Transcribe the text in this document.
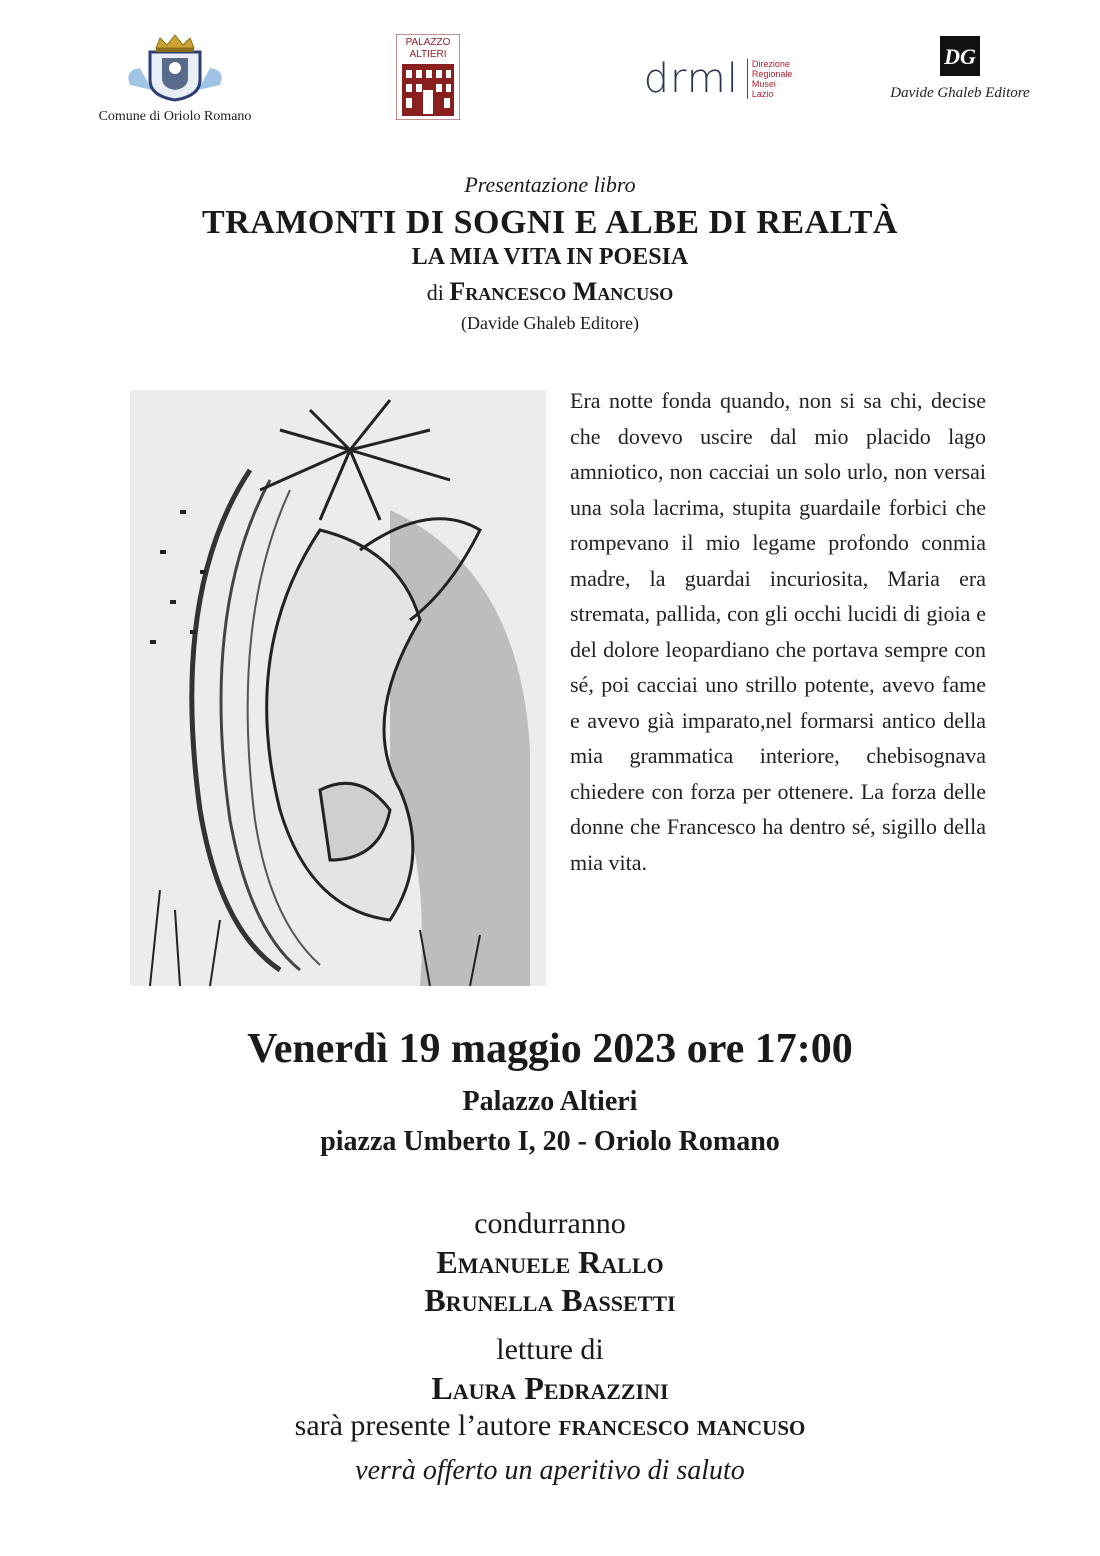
Comune di Oriolo Romano
PALAZZO
ALTIERI
drml Direzione
Regionale
Musei
Lazio
DG
Davide Ghaleb Editore
Presentazione libro
TRAMONTI DI SOGNI E ALBE DI REALTÀ
LA MIA VITA IN POESIA
di Francesco Mancuso
(Davide Ghaleb Editore)
Era notte fonda quando, non si sa chi, decise che dovevo uscire dal mio placido lago amniotico, non cacciai un solo urlo, non versai una sola lacrima, stupita guardaile forbici che rompevano il mio legame profondo conmia madre, la guardai incuriosita, Maria era stremata, pallida, con gli occhi lucidi di gioia e del dolore leopardiano che portava sempre con sé, poi cacciai uno strillo potente, avevo fame e avevo già imparato,nel formarsi antico della mia grammatica interiore, chebisognava chiedere con forza per ottenere. La forza delle donne che Francesco ha dentro sé, sigillo della mia vita.
Venerdì 19 maggio 2023 ore 17:00
Palazzo Altieri
piazza Umberto I, 20 - Oriolo Romano
condurranno
Emanuele Rallo
Brunella Bassetti
letture di
Laura Pedrazzini
sarà presente l’autore francesco mancuso
verrà offerto un aperitivo di saluto
